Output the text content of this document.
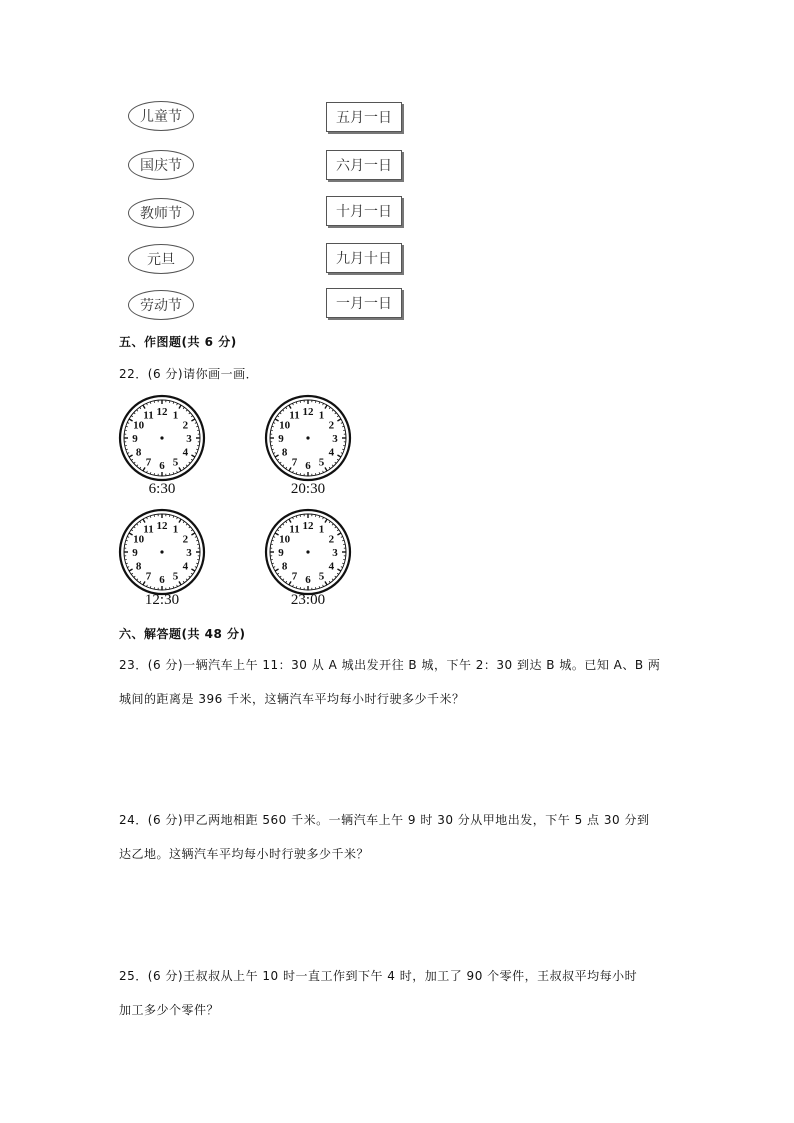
儿童节
国庆节
教师节
元旦
劳动节
五月一日
六月一日
十月一日
九月十日
一月一日
五、作图题(共 6 分)
22．(6 分)请你画一画．
12 1
2
3
4
5
6
7
8
9
10
11
6:30
12 1
2
3
4
5
6
7
8
9
10
11
20:30
12 1
2
3
4
5
6
7
8
9
10
11
12:30
12 1
2
3
4
5
6
7
8
9
10
11
23:00
六、解答题(共 48 分)
23．(6 分)一辆汽车上午 11：30 从 A 城出发开往 B 城，下午 2：30 到达 B 城。已知 A、B 两
城间的距离是 396 千米，这辆汽车平均每小时行驶多少千米？
24．(6 分)甲乙两地相距 560 千米。一辆汽车上午 9 时 30 分从甲地出发，下午 5 点 30 分到
达乙地。这辆汽车平均每小时行驶多少千米？
25．(6 分)王叔叔从上午 10 时一直工作到下午 4 时，加工了 90 个零件，王叔叔平均每小时
加工多少个零件？
